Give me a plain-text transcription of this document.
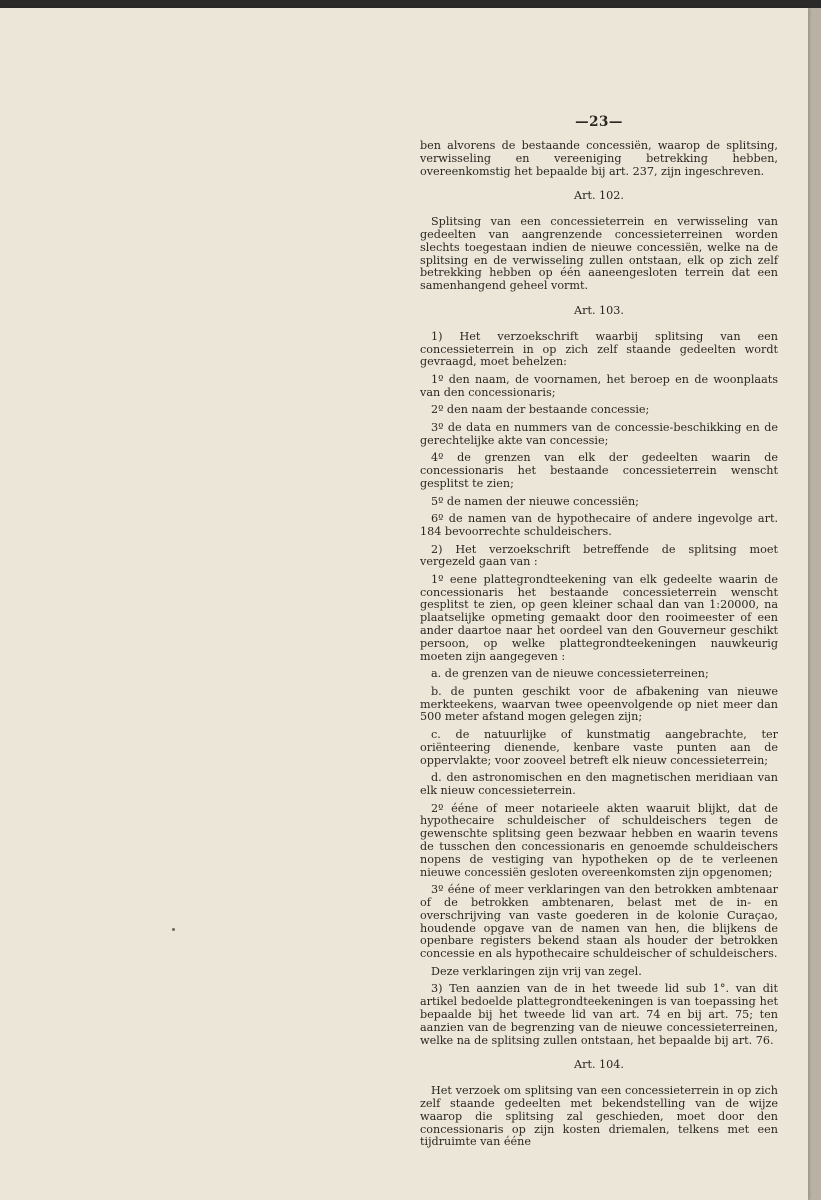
—23—

ben alvorens de bestaande concessiën, waarop de splitsing, verwisseling en vereeniging betrekking hebben, overeenkomstig het bepaalde bij art. 237, zijn ingeschreven.

Art. 102.

Splitsing van een concessieterrein en verwisseling van gedeelten van aangrenzende concessieterreinen worden slechts toegestaan indien de nieuwe concessiën, welke na de splitsing en de verwisseling zullen ontstaan, elk op zich zelf betrekking hebben op één aaneengesloten terrein dat een samenhangend geheel vormt.

Art. 103.

1) Het verzoekschrift waarbij splitsing van een concessieterrein in op zich zelf staande gedeelten wordt gevraagd, moet behelzen:

1º den naam, de voornamen, het beroep en de woonplaats van den concessionaris;

2º den naam der bestaande concessie;

3º de data en nummers van de concessie-beschikking en de gerechtelijke akte van concessie;

4º de grenzen van elk der gedeelten waarin de concessionaris het bestaande concessieterrein wenscht gesplitst te zien;

5º de namen der nieuwe concessiën;

6º de namen van de hypothecaire of andere ingevolge art. 184 bevoorrechte schuldeischers.

2) Het verzoekschrift betreffende de splitsing moet vergezeld gaan van :

1º eene plattegrondteekening van elk gedeelte waarin de concessionaris het bestaande concessieterrein wenscht gesplitst te zien, op geen kleiner schaal dan van 1:20000, na plaatselijke opmeting gemaakt door den rooimeester of een ander daartoe naar het oordeel van den Gouverneur geschikt persoon, op welke plattegrondteekeningen nauwkeurig moeten zijn aangegeven :

a. de grenzen van de nieuwe concessieterreinen;

b. de punten geschikt voor de afbakening van nieuwe merkteekens, waarvan twee opeenvolgende op niet meer dan 500 meter afstand mogen gelegen zijn;

c. de natuurlijke of kunstmatig aangebrachte, ter oriënteering dienende, kenbare vaste punten aan de oppervlakte; voor zooveel betreft elk nieuw concessieterrein;

d. den astronomischen en den magnetischen meridiaan van elk nieuw concessieterrein.

2º ééne of meer notarieele akten waaruit blijkt, dat de hypothecaire schuldeischer of schuldeischers tegen de gewenschte splitsing geen bezwaar hebben en waarin tevens de tusschen den concessionaris en genoemde schuldeischers nopens de vestiging van hypotheken op de te verleenen nieuwe concessiën gesloten overeenkomsten zijn opgenomen;

3º ééne of meer verklaringen van den betrokken ambtenaar of de betrokken ambtenaren, belast met de in- en overschrijving van vaste goederen in de kolonie Curaçao, houdende opgave van de namen van hen, die blijkens de openbare registers bekend staan als houder der betrokken concessie en als hypothecaire schuldeischer of schuldeischers.

Deze verklaringen zijn vrij van zegel.

3) Ten aanzien van de in het tweede lid sub 1°. van dit artikel bedoelde plattegrondteekeningen is van toepassing het bepaalde bij het tweede lid van art. 74 en bij art. 75; ten aanzien van de begrenzing van de nieuwe concessieterreinen, welke na de splitsing zullen ontstaan, het bepaalde bij art. 76.

Art. 104.

Het verzoek om splitsing van een concessieterrein in op zich zelf staande gedeelten met bekendstelling van de wijze waarop die splitsing zal geschieden, moet door den concessionaris op zijn kosten driemalen, telkens met een tijdruimte van ééne
